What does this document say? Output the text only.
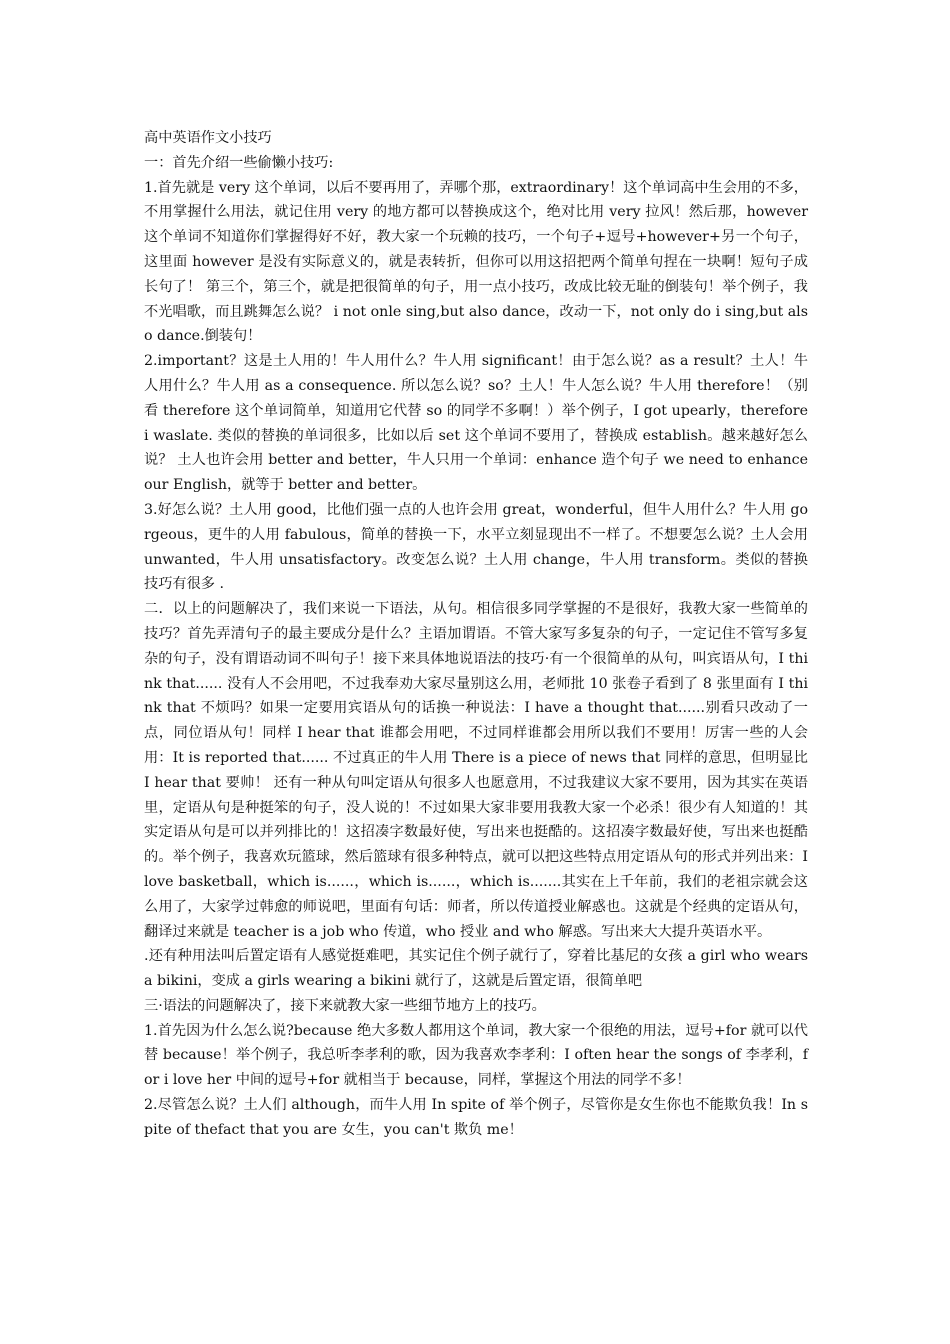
高中英语作文小技巧

一：首先介绍一些偷懒小技巧:

1.首先就是 very 这个单词，以后不要再用了，弄哪个那，extraordinary！这个单词高中生会用的不多，不用掌握什么用法，就记住用 very 的地方都可以替换成这个，绝对比用 very 拉风！然后那，however 这个单词不知道你们掌握得好不好，教大家一个玩赖的技巧，一个句子+逗号+however+另一个句子，这里面 however 是没有实际意义的，就是表转折，但你可以用这招把两个简单句捏在一块啊！短句子成长句了！ 第三个，第三个，就是把很简单的句子，用一点小技巧，改成比较无耻的倒装句！举个例子，我不光唱歌，而且跳舞怎么说？ i not onle sing,but also dance，改动一下，not only do i sing,but also dance.倒装句！

2.important？这是土人用的！牛人用什么？牛人用 significant！由于怎么说？as a result？土人！牛人用什么？牛人用 as a consequence. 所以怎么说？so？土人！牛人怎么说？牛人用 therefore！（别看 therefore 这个单词简单，知道用它代替 so 的同学不多啊！）举个例子，I got upearly，therefore i waslate. 类似的替换的单词很多，比如以后 set 这个单词不要用了，替换成 establish。越来越好怎么说？ 土人也许会用 better and better，牛人只用一个单词：enhance 造个句子 we need to enhanceour English，就等于 better and better。

3.好怎么说？土人用 good，比他们强一点的人也许会用 great，wonderful，但牛人用什么？牛人用 gorgeous，更牛的人用 fabulous，简单的替换一下，水平立刻显现出不一样了。不想要怎么说？土人会用 unwanted，牛人用 unsatisfactory。改变怎么说？土人用 change，牛人用 transform。类似的替换技巧有很多 .

二．以上的问题解决了，我们来说一下语法，从句。相信很多同学掌握的不是很好，我教大家一些简单的技巧？首先弄清句子的最主要成分是什么？主语加谓语。不管大家写多复杂的句子，一定记住不管写多复杂的句子，没有谓语动词不叫句子！接下来具体地说语法的技巧·有一个很简单的从句，叫宾语从句，I think that...... 没有人不会用吧，不过我奉劝大家尽量别这么用，老师批 10 张卷子看到了 8 张里面有 I think that 不烦吗？如果一定要用宾语从句的话换一种说法：I have a thought that......别看只改动了一点，同位语从句！同样 I hear that 谁都会用吧，不过同样谁都会用所以我们不要用！厉害一些的人会用：It is reported that...... 不过真正的牛人用 There is a piece of news that 同样的意思，但明显比 I hear that 要帅！ 还有一种从句叫定语从句很多人也愿意用，不过我建议大家不要用，因为其实在英语里，定语从句是种挺笨的句子，没人说的！不过如果大家非要用我教大家一个必杀！很少有人知道的！其实定语从句是可以并列排比的！这招凑字数最好使，写出来也挺酷的。这招凑字数最好使，写出来也挺酷的。举个例子，我喜欢玩篮球，然后篮球有很多种特点，就可以把这些特点用定语从句的形式并列出来：I love basketball，which is......，which is......，which is.......其实在上千年前，我们的老祖宗就会这么用了，大家学过韩愈的师说吧，里面有句话：师者，所以传道授业解惑也。这就是个经典的定语从句，翻译过来就是 teacher is a job who 传道，who 授业 and who 解惑。写出来大大提升英语水平。

.还有种用法叫后置定语有人感觉挺难吧，其实记住个例子就行了，穿着比基尼的女孩 a girl who wears a bikini，变成 a girls wearing a bikini 就行了，这就是后置定语，很简单吧

三·语法的问题解决了，接下来就教大家一些细节地方上的技巧。

1.首先因为什么怎么说?because 绝大多数人都用这个单词，教大家一个很绝的用法，逗号+for 就可以代替 because！举个例子，我总听李孝利的歌，因为我喜欢李孝利：I often hear the songs of 李孝利，for i love her 中间的逗号+for 就相当于 because，同样，掌握这个用法的同学不多！

2.尽管怎么说？土人们 although，而牛人用 In spite of 举个例子，尽管你是女生你也不能欺负我！In spite of thefact that you are 女生，you can't 欺负 me！
